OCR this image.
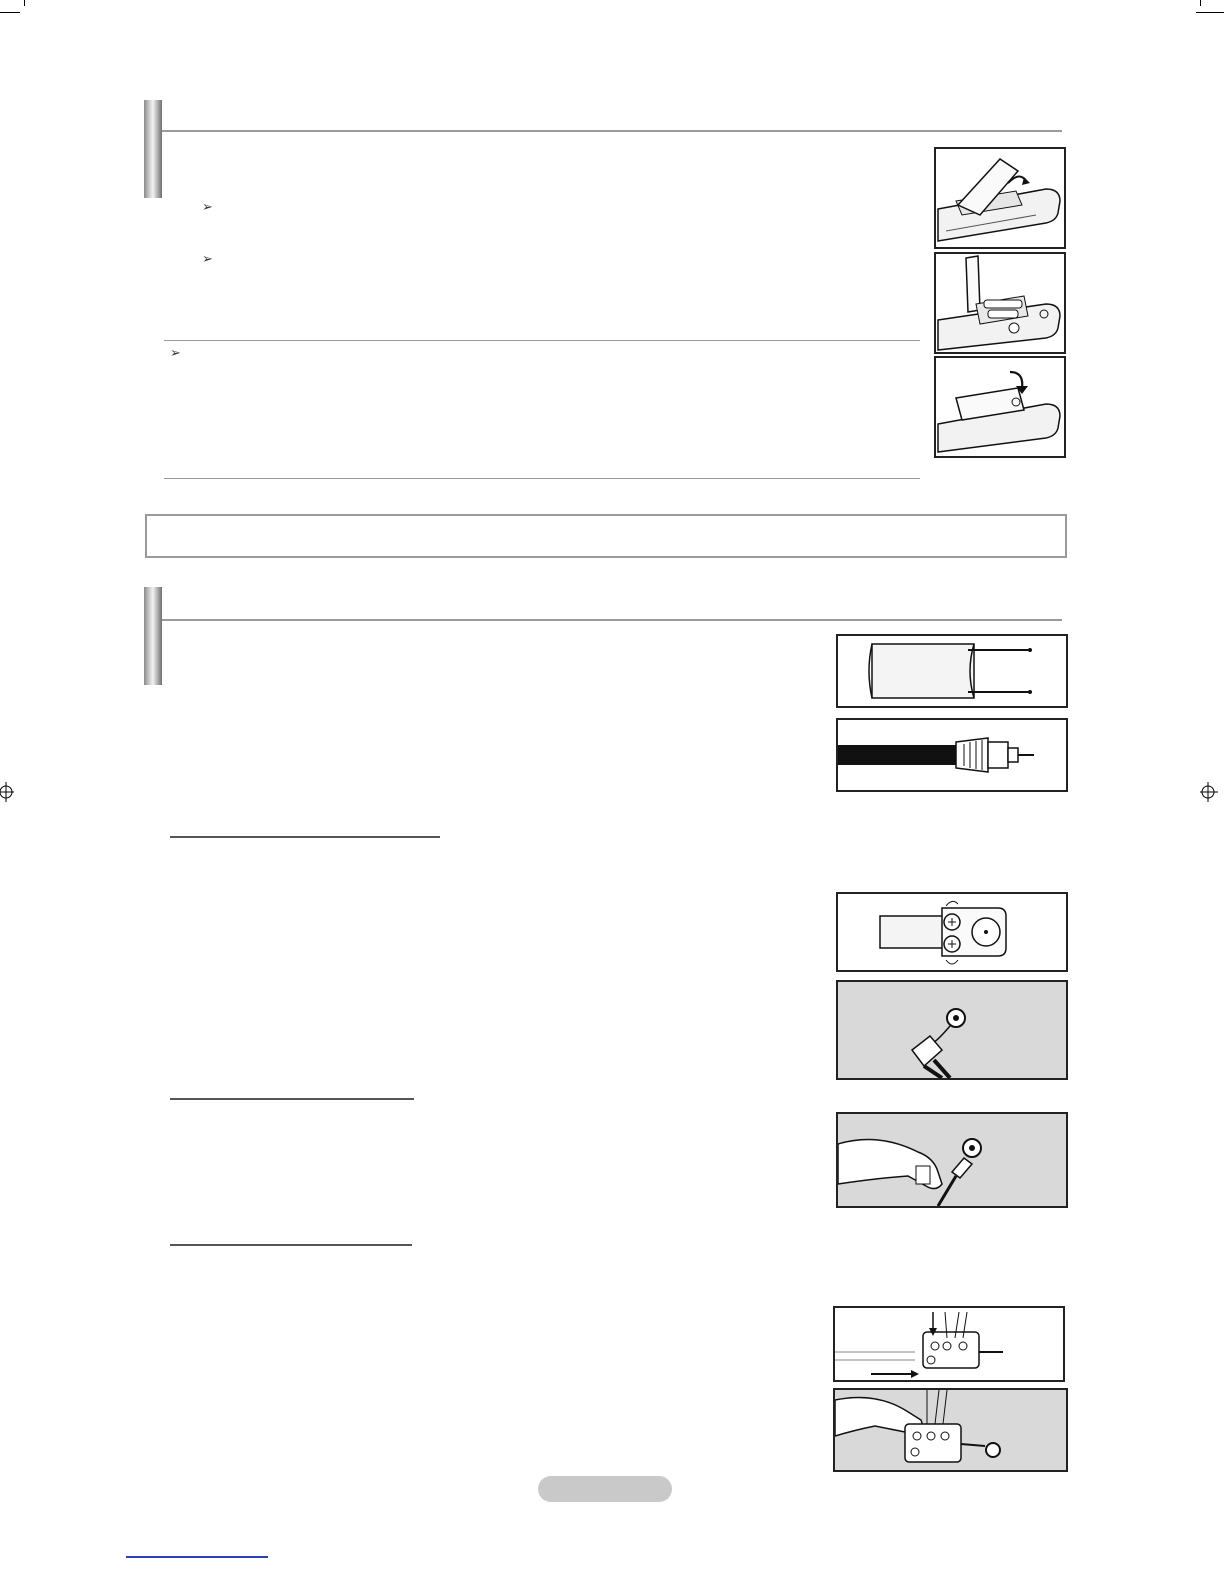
➢
➢
➢
